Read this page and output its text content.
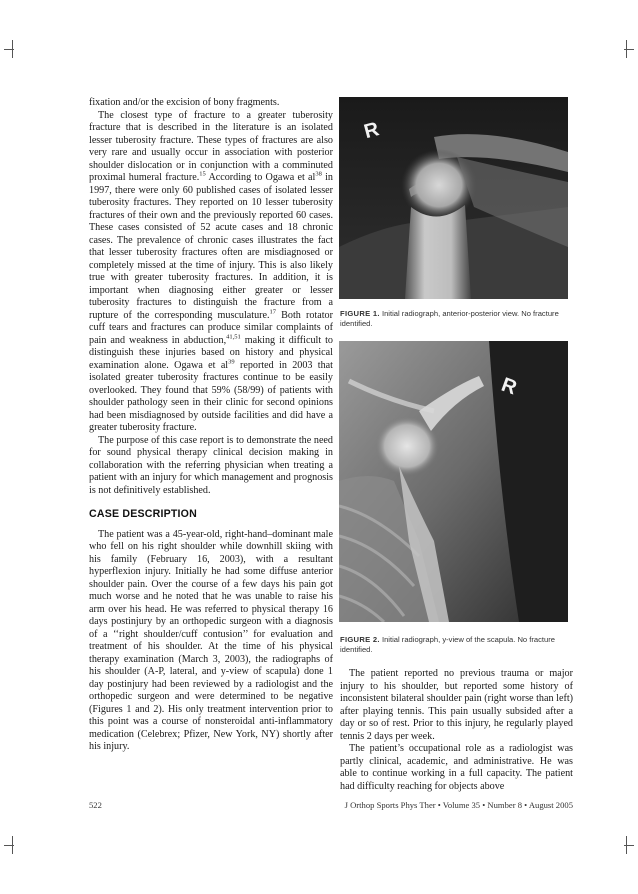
fixation and/or the excision of bony fragments.

The closest type of fracture to a greater tuberosity fracture that is described in the literature is an isolated lesser tuberosity fracture. These types of fractures are also very rare and usually occur in association with posterior shoulder dislocation or in conjunction with a comminuted proximal humeral fracture.$^{15}$ According to Ogawa et $al^{38}$ in 1997, there were only 60 published cases of isolated lesser tuberosity fractures. They reported on 10 lesser tuberosity fractures of their own and the previously reported 60 cases. These cases consisted of 52 acute cases and 18 chronic cases. The prevalence of chronic cases illustrates the fact that lesser tuberosity fractures often are misdiagnosed or completely missed at the time of injury. This is also likely true with greater tuberosity fractures. In addition, it is important when diagnosing either greater or lesser tuberosity fractures to distinguish the fracture from a rupture of the corresponding musculature.$^{17}$ Both rotator cuff tears and fractures can produce similar complaints of pain and weakness in abduction,$^{41,51}$ making it difficult to distinguish these injuries based on history and physical examination alone. Ogawa et $al^{39}$ reported in 2003 that isolated greater tuberosity fractures continue to be easily overlooked. They found that 59% (58/99) of patients with shoulder pathology seen in their clinic for second opinions had been misdiagnosed by outside facilities and did have a greater tuberosity fracture.

The purpose of this case report is to demonstrate the need for sound physical therapy clinical decision making in collaboration with the referring physician when treating a patient with an injury for which management and prognosis is not definitively established.

CASE DESCRIPTION

The patient was a 45-year-old, right-hand–dominant male who fell on his right shoulder while downhill skiing with his family (February 16, 2003), with a resultant hyperflexion injury. Initially he had some diffuse anterior shoulder pain. Over the course of a few days his pain got much worse and he noted that he was unable to raise his arm over his head. He was referred to physical therapy 16 days postinjury by an orthopedic surgeon with a diagnosis of a ‘‘right shoulder/cuff contusion’’ for evaluation and treatment of his shoulder. At the time of his physical therapy examination (March 3, 2003), the radiographs of his shoulder (A-P, lateral, and y-view of scapula) done 1 day postinjury had been reviewed by a radiologist and the orthopedic surgeon and were determined to be negative (Figures 1 and 2). His only treatment intervention prior to this point was a course of nonsteroidal anti-inflammatory medication (Celebrex; Pfizer, New York, NY) shortly after his injury.

R
FIGURE 1. Initial radiograph, anterior-posterior view. No fracture identified.
R
FIGURE 2. Initial radiograph, y-view of the scapula. No fracture identified.

The patient reported no previous trauma or major injury to his shoulder, but reported some history of inconsistent bilateral shoulder pain (right worse than left) after playing tennis. This pain usually subsided after a day or so of rest. Prior to this injury, he regularly played tennis 2 days per week.

The patient’s occupational role as a radiologist was partly clinical, academic, and administrative. He was able to continue working in a full capacity. The patient had difficulty reaching for objects above

522	J Orthop Sports Phys Ther • Volume 35 • Number 8 • August 2005
